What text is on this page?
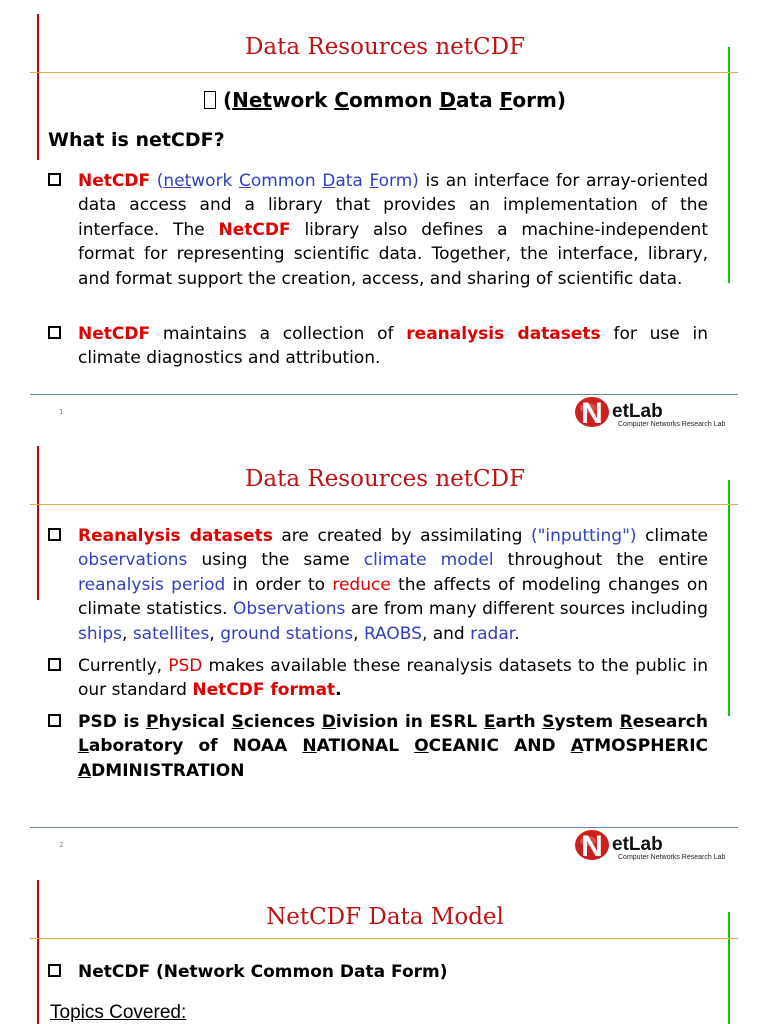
Data Resources netCDF
(Network Common Data Form)
What is netCDF?
NetCDF (network Common Data Form) is an interface for array-oriented data access and a library that provides an implementation of the interface. The NetCDF library also defines a machine-independent format for representing scientific data. Together, the interface, library, and format support the creation, access, and sharing of scientific data.
NetCDF maintains a collection of reanalysis datasets for use in climate diagnostics and attribution.
1	N etLab
Computer Networks Research Lab
Data Resources netCDF
Reanalysis datasets are created by assimilating ("inputting") climate observations using the same climate model throughout the entire reanalysis period in order to reduce the affects of modeling changes on climate statistics. Observations are from many different sources including ships, satellites, ground stations, RAOBS, and radar.
Currently, PSD makes available these reanalysis datasets to the public in our standard NetCDF format.
PSD is Physical Sciences Division in ESRL Earth System Research Laboratory of NOAA NATIONAL OCEANIC AND ATMOSPHERIC ADMINISTRATION
2	N etLab
Computer Networks Research Lab
NetCDF Data Model
NetCDF (Network Common Data Form)
Topics Covered:
